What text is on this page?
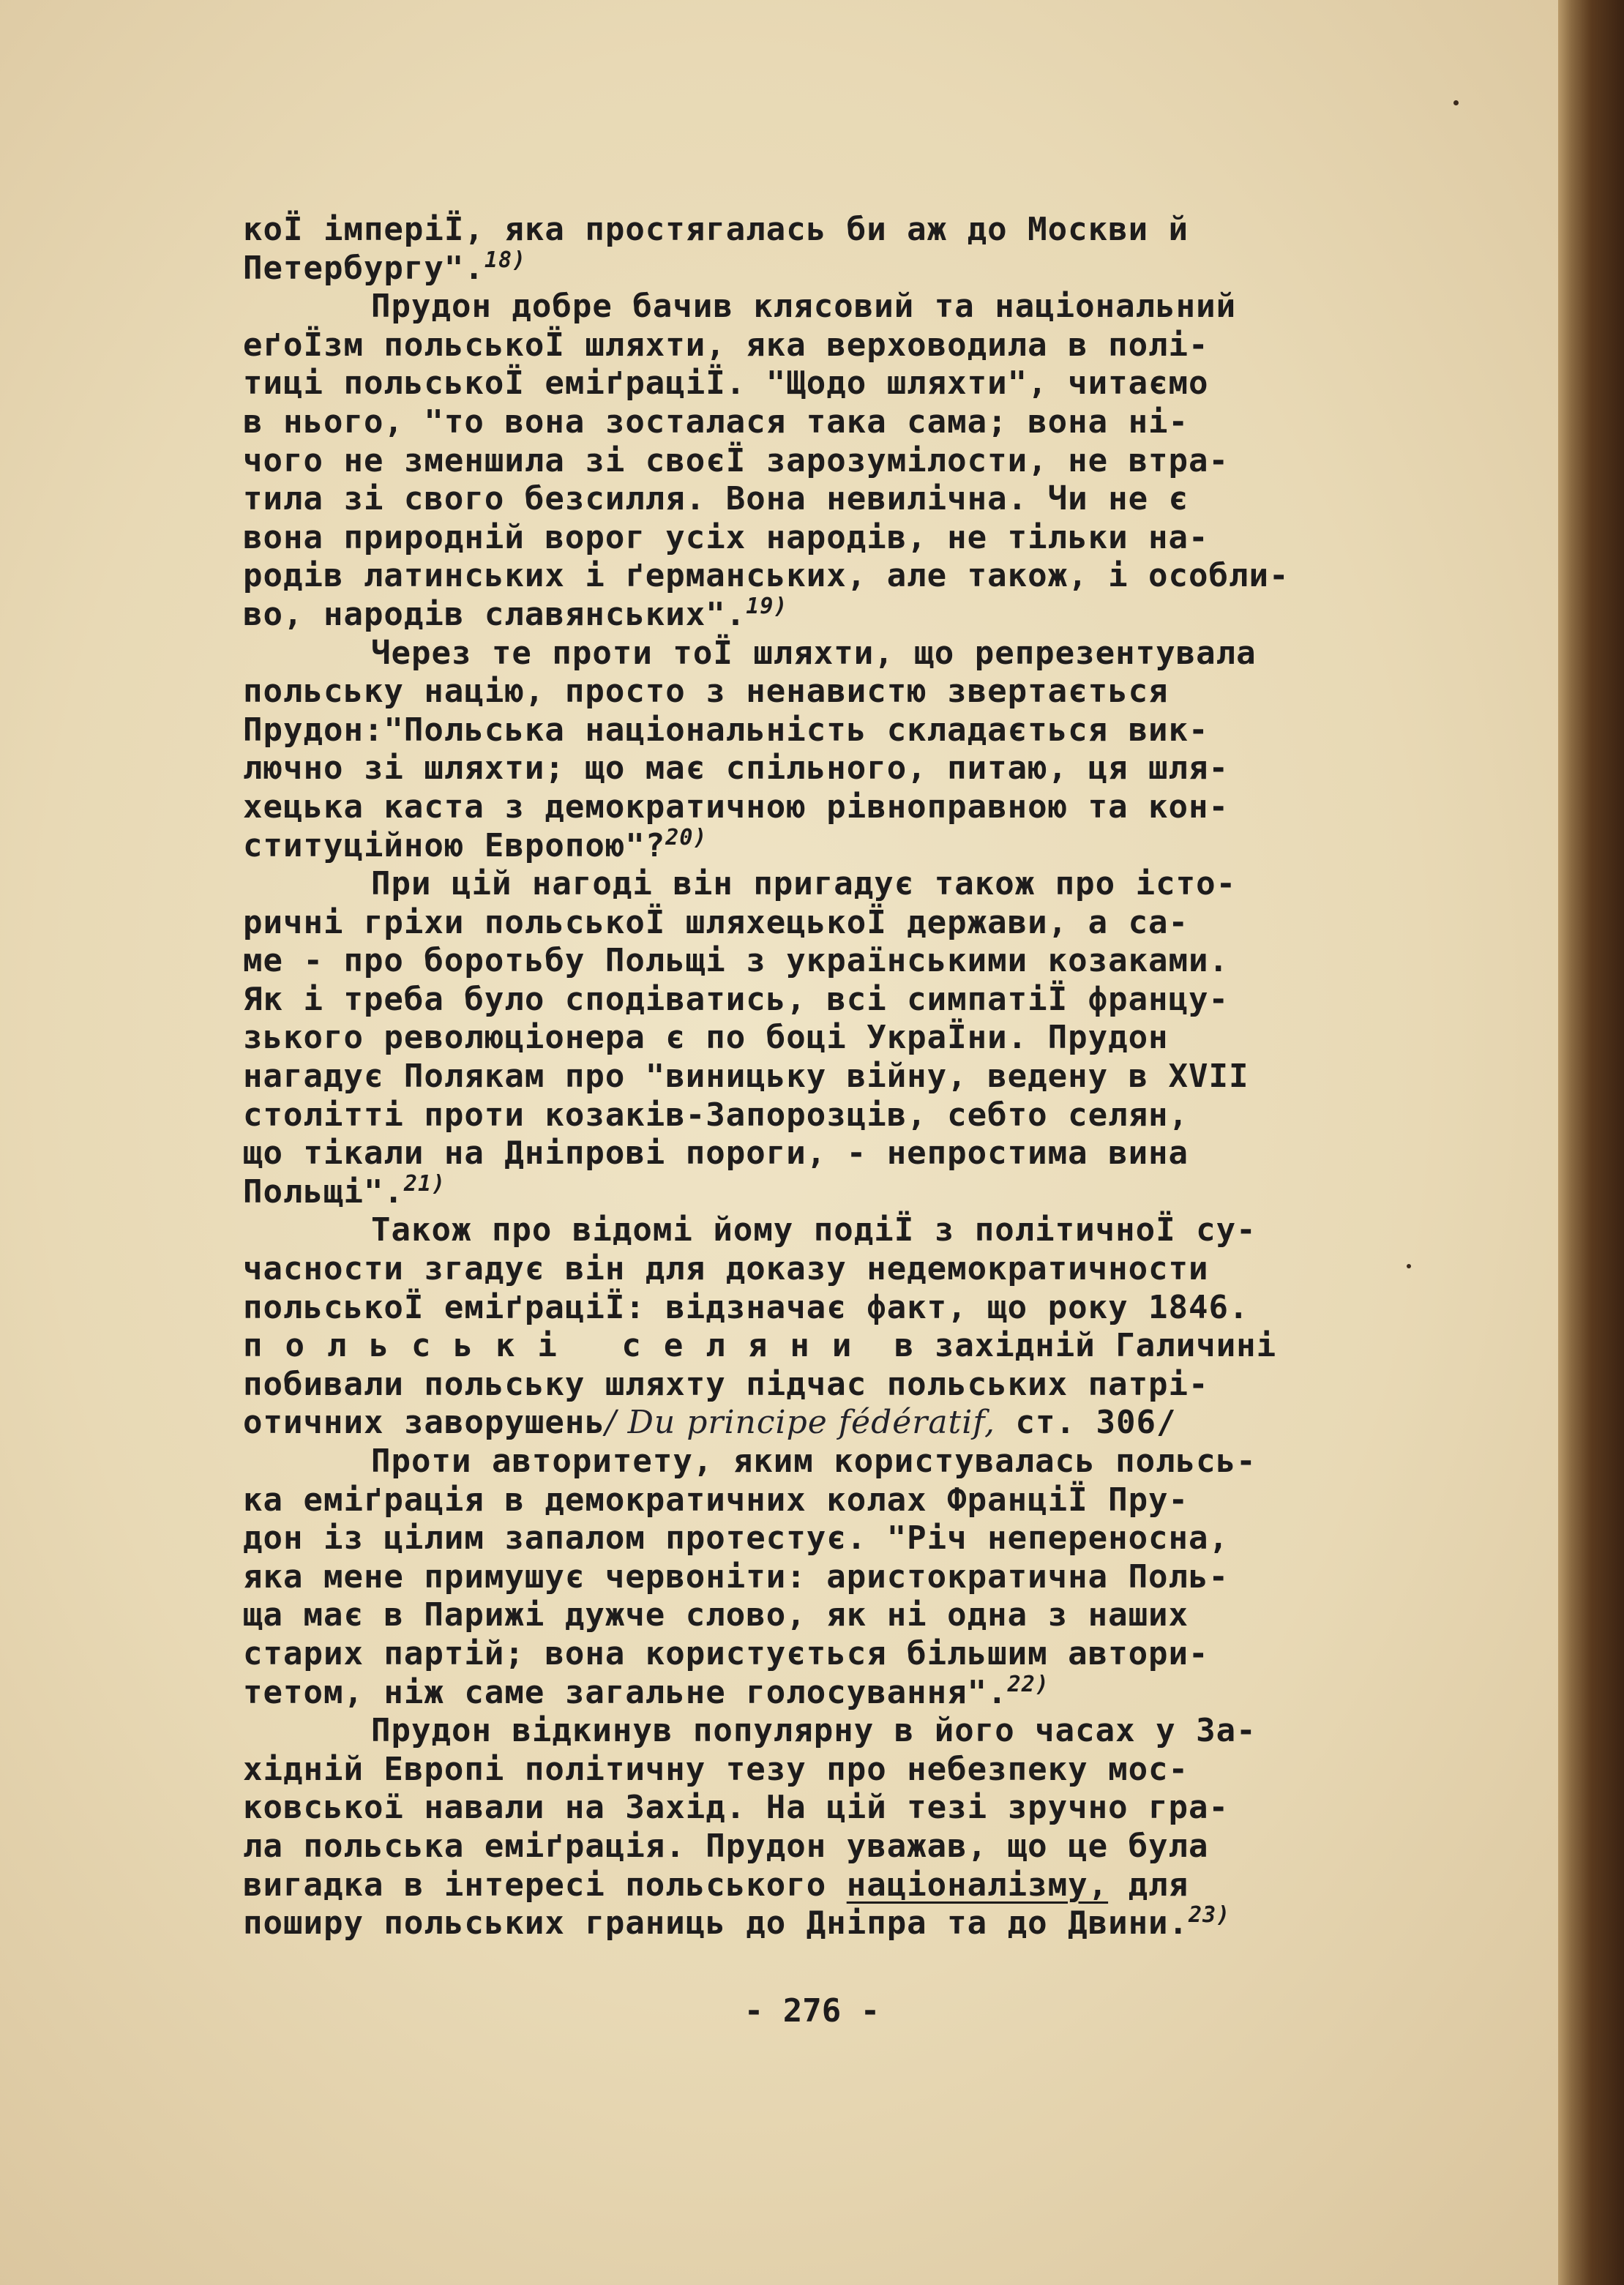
коЇ імперіЇ, яка простягалась би аж до Москви й
Петербургу".$^{18)}$
Прудон добре бачив клясовий та національний
еґоЇзм польськоЇ шляхти, яка верховодила в полі-
тиці польськоЇ еміґраціЇ. "Щодо шляхти", читаємо
в нього, "то вона зосталася така сама; вона ні-
чого не зменшила зі своєЇ зарозумілости, не втра-
тила зі свого безсилля. Вона невилічна. Чи не є
вона природній ворог усіх народів, не тільки на-
родів латинських і ґерманських, але також, і особли-
во, народів славянських".$^{19)}$
Через те проти тоЇ шляхти, що репрезентувала
польську націю, просто з ненавистю звертається
Прудон:"Польська національність складається вик-
лючно зі шляхти; що має спільного, питаю, ця шля-
хецька каста з демократичною рівноправною та кон-
ституційною Европою"?$^{20)}$
При цій нагоді він пригадує також про істо-
ричні гріхи польськоЇ шляхецькоЇ держави, а са-
ме - про боротьбу Польщі з українськими козаками.
Як і треба було сподіватись, всі симпатіЇ францу-
зького революціонера є по боці УкраЇни. Прудон
нагадує Полякам про "виницьку війну, ведену в XVII
столітті проти козаків-Запорозців, себто селян,
що тікали на Дніпрові пороги, - непростима вина
Польщі".$^{21)}$
Також про відомі йому подіЇ з політичноЇ су-
часности згадує він для доказу недемократичности
польськоЇ еміґраціЇ: відзначає факт, що року 1846.
польські селяни в західній Галичині
побивали польську шляхту підчас польських патрі-
отичних заворушень/ Du principe fédératif, ст. 306/
Проти авторитету, яким користувалась польсь-
ка еміґрація в демократичних колах ФранціЇ Пру-
дон із цілим запалом протестує. "Річ непереносна,
яка мене примушує червоніти: аристократична Поль-
ща має в Парижі дужче слово, як ні одна з наших
старих партій; вона користується більшим автори-
тетом, ніж саме загальне голосування".$^{22)}$
Прудон відкинув популярну в його часах у За-
хідній Европі політичну тезу про небезпеку мос-
ковської навали на Захід. На цій тезі зручно гра-
ла польська еміґрація. Прудон уважав, що це була
вигадка в інтересі польського націоналізму, для
поширу польських границь до Дніпра та до Двини.$^{23)}$
- 276 -
